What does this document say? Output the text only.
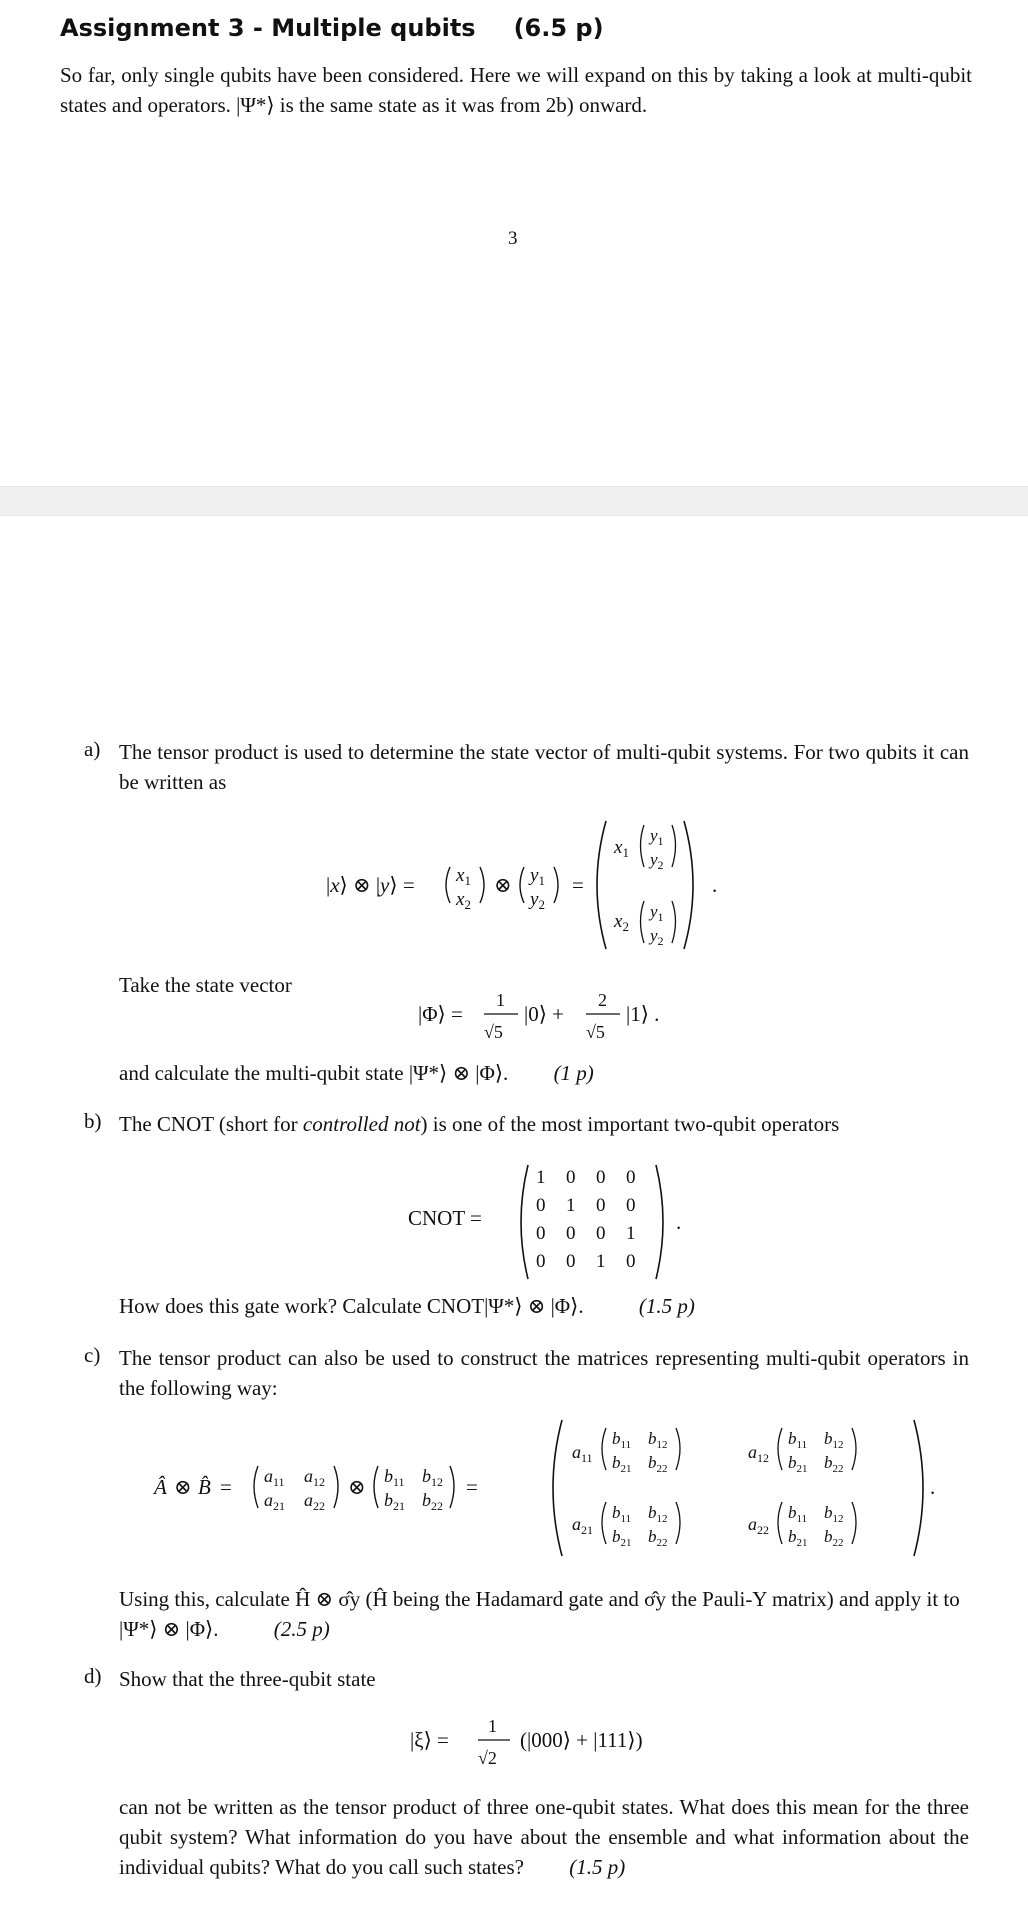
Assignment 3 - Multiple qubits (6.5 p)
So far, only single qubits have been considered. Here we will expand on this by taking a look at multi-qubit states and operators. |Ψ*⟩ is the same state as it was from 2b) onward.
3
a) The tensor product is used to determine the state vector of multi-qubit systems. For two qubits it can be written as
|x⟩ ⊗ |y⟩ = $x_1$
$x_2$
⊗ $y_1$
$y_2$
=
$x_1$
$y_1$
$y_2$
$x_2$
$y_1$
$y_2$
.
Take the state vector
|Φ⟩ =
1
√5
|0⟩ +
2
√5
|1⟩ .
and calculate the multi-qubit state |Ψ*⟩ ⊗ |Φ⟩. (1 p)
b) The CNOT (short for controlled not) is one of the most important two-qubit operators
CNOT =
1 0 0 0
0 1 0 0
0 0 0 1
0 0 1 0
.
How does this gate work? Calculate CNOT|Ψ*⟩ ⊗ |Φ⟩.	(1.5 p)
c) The tensor product can also be used to construct the matrices representing multi-qubit operators in the following way:
Â ⊗ B̂ = $a_{11}$ $a_{12}$
$a_{21}$ $a_{22}$
⊗ $b_{11}$ $b_{12}$
$b_{21}$ $b_{22}$
=
$a_{11}$
$b_{11}$ $b_{12}$
$b_{21}$ $b_{22}$
$a_{12}$
$b_{11}$ $b_{12}$
$b_{21}$ $b_{22}$
$a_{21}$
$b_{11}$ $b_{12}$
$b_{21}$ $b_{22}$
$a_{22}$
$b_{11}$ $b_{12}$
$b_{21}$ $b_{22}$
.
Using this, calculate Ĥ ⊗ σ̂y (Ĥ being the Hadamard gate and σ̂y the Pauli-Y matrix) and apply it to |Ψ*⟩ ⊗ |Φ⟩.	(2.5 p)
d) Show that the three-qubit state
|ξ⟩ =
1
√2
(|000⟩ + |111⟩)
can not be written as the tensor product of three one-qubit states. What does this mean for the three qubit system? What information do you have about the ensemble and what information about the individual qubits? What do you call such states? (1.5 p)
